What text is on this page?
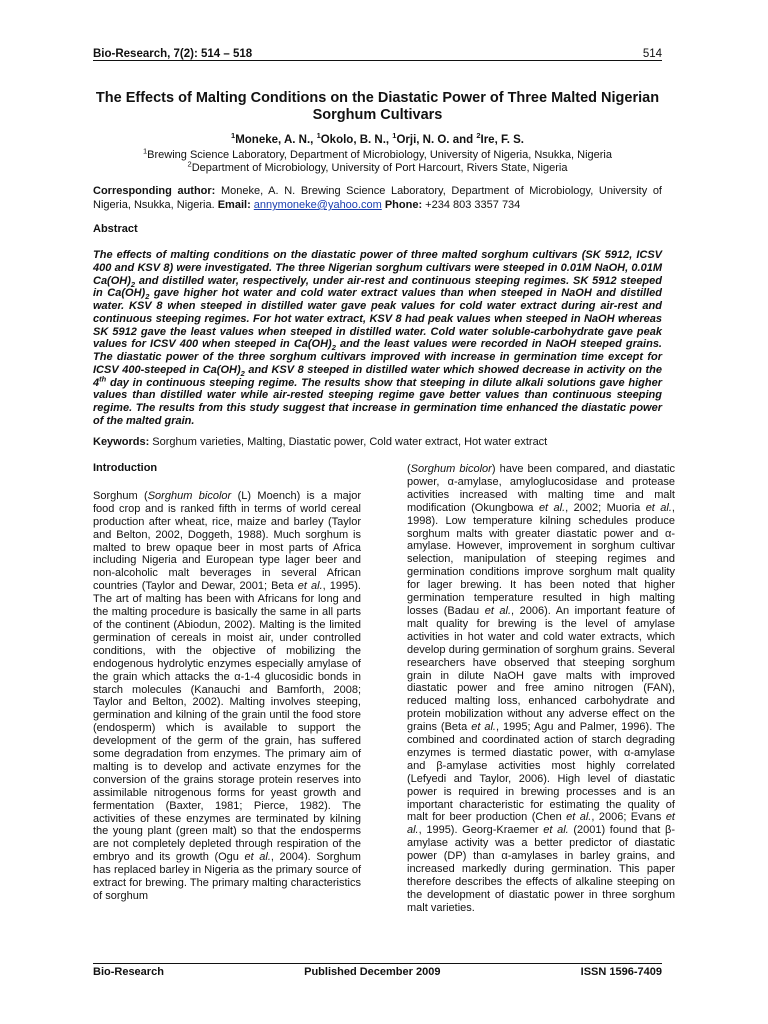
Bio-Research, 7(2): 514 – 518	514
The Effects of Malting Conditions on the Diastatic Power of Three Malted Nigerian Sorghum Cultivars
$^1$Moneke, A. N., $^1$Okolo, B. N., $^1$Orji, N. O. and $^2$Ire, F. S.
$^1$Brewing Science Laboratory, Department of Microbiology, University of Nigeria, Nsukka, Nigeria
$^2$Department of Microbiology, University of Port Harcourt, Rivers State, Nigeria
Corresponding author: Moneke, A. N. Brewing Science Laboratory, Department of Microbiology, University of Nigeria, Nsukka, Nigeria. Email: annymoneke@yahoo.com Phone: +234 803 3357 734
Abstract

The effects of malting conditions on the diastatic power of three malted sorghum cultivars (SK 5912, ICSV 400 and KSV 8) were investigated. The three Nigerian sorghum cultivars were steeped in 0.01M NaOH, 0.01M $Ca(OH)_2$ and distilled water, respectively, under air-rest and continuous steeping regimes. SK 5912 steeped in $Ca(OH)_2$ gave higher hot water and cold water extract values than when steeped in NaOH and distilled water. KSV 8 when steeped in distilled water gave peak values for cold water extract during air-rest and continuous steeping regimes. For hot water extract, KSV 8 had peak values when steeped in NaOH whereas SK 5912 gave the least values when steeped in distilled water. Cold water soluble-carbohydrate gave peak values for ICSV 400 when steeped in $Ca(OH)_2$ and the least values were recorded in NaOH steeped grains. The diastatic power of the three sorghum cultivars improved with increase in germination time except for ICSV 400-steeped in $Ca(OH)_2$ and KSV 8 steeped in distilled water which showed decrease in activity on the 4th day in continuous steeping regime. The results show that steeping in dilute alkali solutions gave higher values than distilled water while air-rested steeping regime gave better values than continuous steeping regime. The results from this study suggest that increase in germination time enhanced the diastatic power of the malted grain.

Keywords: Sorghum varieties, Malting, Diastatic power, Cold water extract, Hot water extract

Introduction

Sorghum (Sorghum bicolor (L) Moench) is a major food crop and is ranked fifth in terms of world cereal production after wheat, rice, maize and barley (Taylor and Belton, 2002, Doggeth, 1988). Much sorghum is malted to brew opaque beer in most parts of Africa including Nigeria and European type lager beer and non-alcoholic malt beverages in several African countries (Taylor and Dewar, 2001; Beta et al., 1995). The art of malting has been with Africans for long and the malting procedure is basically the same in all parts of the continent (Abiodun, 2002). Malting is the limited germination of cereals in moist air, under controlled conditions, with the objective of mobilizing the endogenous hydrolytic enzymes especially amylase of the grain which attacks the α-1-4 glucosidic bonds in starch molecules (Kanauchi and Bamforth, 2008; Taylor and Belton, 2002). Malting involves steeping, germination and kilning of the grain until the food store (endosperm) which is available to support the development of the germ of the grain, has suffered some degradation from enzymes. The primary aim of malting is to develop and activate enzymes for the conversion of the grains storage protein reserves into assimilable nitrogenous forms for yeast growth and fermentation (Baxter, 1981; Pierce, 1982). The activities of these enzymes are terminated by kilning the young plant (green malt) so that the endosperms are not completely depleted through respiration of the embryo and its growth (Ogu et al., 2004). Sorghum has replaced barley in Nigeria as the primary source of extract for brewing. The primary malting characteristics of sorghum

(Sorghum bicolor) have been compared, and diastatic power, α-amylase, amyloglucosidase and protease activities increased with malting time and malt modification (Okungbowa et al., 2002; Muoria et al., 1998). Low temperature kilning schedules produce sorghum malts with greater diastatic power and α-amylase. However, improvement in sorghum cultivar selection, manipulation of steeping regimes and germination conditions improve sorghum malt quality for lager brewing. It has been noted that higher germination temperature resulted in high malting losses (Badau et al., 2006). An important feature of malt quality for brewing is the level of amylase activities in hot water and cold water extracts, which develop during germination of sorghum grains. Several researchers have observed that steeping sorghum grain in dilute NaOH gave malts with improved diastatic power and free amino nitrogen (FAN), reduced malting loss, enhanced carbohydrate and protein mobilization without any adverse effect on the grains (Beta et al., 1995; Agu and Palmer, 1996). The combined and coordinated action of starch degrading enzymes is termed diastatic power, with α-amylase and β-amylase activities most highly correlated (Lefyedi and Taylor, 2006). High level of diastatic power is required in brewing processes and is an important characteristic for estimating the quality of malt for beer production (Chen et al., 2006; Evans et al., 1995). Georg-Kraemer et al. (2001) found that β-amylase activity was a better predictor of diastatic power (DP) than α-amylases in barley grains, and increased markedly during germination. This paper therefore describes the effects of alkaline steeping on the development of diastatic power in three sorghum malt varieties.

Bio-Research	Published December 2009	ISSN 1596-7409
